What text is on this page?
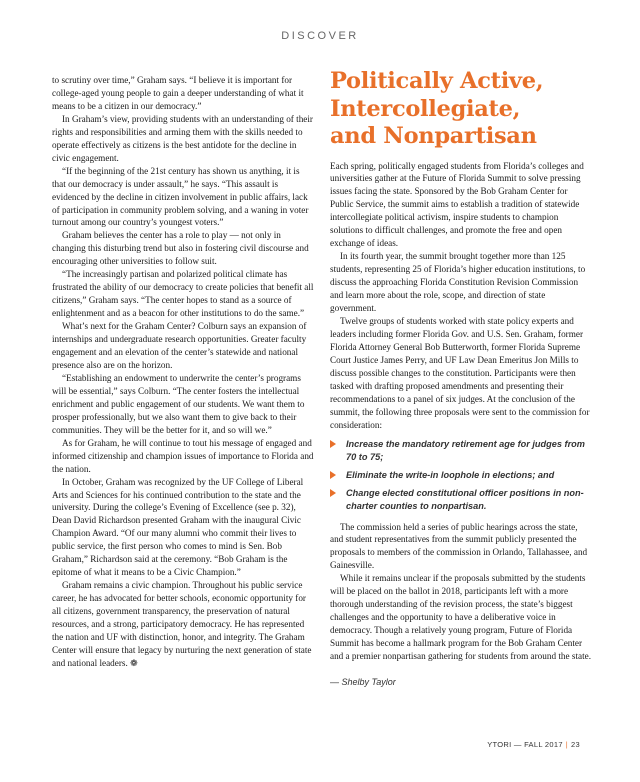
DISCOVER

to scrutiny over time,” Graham says. “I believe it is important for college-aged young people to gain a deeper understanding of what it means to be a citizen in our democracy.”

In Graham’s view, providing students with an understanding of their rights and responsibilities and arming them with the skills needed to operate effectively as citizens is the best antidote for the decline in civic engagement.

“If the beginning of the 21st century has shown us anything, it is that our democracy is under assault,” he says. “This assault is evidenced by the decline in citizen involvement in public affairs, lack of participation in community problem solving, and a waning in voter turnout among our country’s youngest voters.”

Graham believes the center has a role to play — not only in changing this disturbing trend but also in fostering civil discourse and encouraging other universities to follow suit.

“The increasingly partisan and polarized political climate has frustrated the ability of our democracy to create policies that benefit all citizens,” Graham says. “The center hopes to stand as a source of enlightenment and as a beacon for other institutions to do the same.”

What’s next for the Graham Center? Colburn says an expansion of internships and undergraduate research opportunities. Greater faculty engagement and an elevation of the center’s statewide and national presence also are on the horizon.

“Establishing an endowment to underwrite the center’s programs will be essential,” says Colburn. “The center fosters the intellectual enrichment and public engagement of our students. We want them to prosper professionally, but we also want them to give back to their communities. They will be the better for it, and so will we.”

As for Graham, he will continue to tout his message of engaged and informed citizenship and champion issues of importance to Florida and the nation.

In October, Graham was recognized by the UF College of Liberal Arts and Sciences for his continued contribution to the state and the university. During the college’s Evening of Excellence (see p. 32), Dean David Richardson presented Graham with the inaugural Civic Champion Award. “Of our many alumni who commit their lives to public service, the first person who comes to mind is Sen. Bob Graham,” Richardson said at the ceremony. “Bob Graham is the epitome of what it means to be a Civic Champion.”

Graham remains a civic champion. Throughout his public service career, he has advocated for better schools, economic opportunity for all citizens, government transparency, the preservation of natural resources, and a strong, participatory democracy. He has represented the nation and UF with distinction, honor, and integrity. The Graham Center will ensure that legacy by nurturing the next generation of state and national leaders. ❁

Politically Active,
Intercollegiate,
and Nonpartisan

Each spring, politically engaged students from Florida’s colleges and universities gather at the Future of Florida Summit to solve pressing issues facing the state. Sponsored by the Bob Graham Center for Public Service, the summit aims to establish a tradition of statewide intercollegiate political activism, inspire students to champion solutions to difficult challenges, and promote the free and open exchange of ideas.

In its fourth year, the summit brought together more than 125 students, representing 25 of Florida’s higher education institutions, to discuss the approaching Florida Constitution Revision Commission and learn more about the role, scope, and direction of state government.

Twelve groups of students worked with state policy experts and leaders including former Florida Gov. and U.S. Sen. Graham, former Florida Attorney General Bob Butterworth, former Florida Supreme Court Justice James Perry, and UF Law Dean Emeritus Jon Mills to discuss possible changes to the constitution. Participants were then tasked with drafting proposed amendments and presenting their recommendations to a panel of six judges. At the conclusion of the summit, the following three proposals were sent to the commission for consideration:

Increase the mandatory retirement age for judges from 70 to 75;
Eliminate the write-in loophole in elections; and
Change elected constitutional officer positions in non-charter counties to nonpartisan.

The commission held a series of public hearings across the state, and student representatives from the summit publicly presented the proposals to members of the commission in Orlando, Tallahassee, and Gainesville.

While it remains unclear if the proposals submitted by the students will be placed on the ballot in 2018, participants left with a more thorough understanding of the revision process, the state’s biggest challenges and the opportunity to have a deliberative voice in democracy. Though a relatively young program, Future of Florida Summit has become a hallmark program for the Bob Graham Center and a premier nonpartisan gathering for students from around the state.

— Shelby Taylor
YTORI — FALL 2017 | 23
